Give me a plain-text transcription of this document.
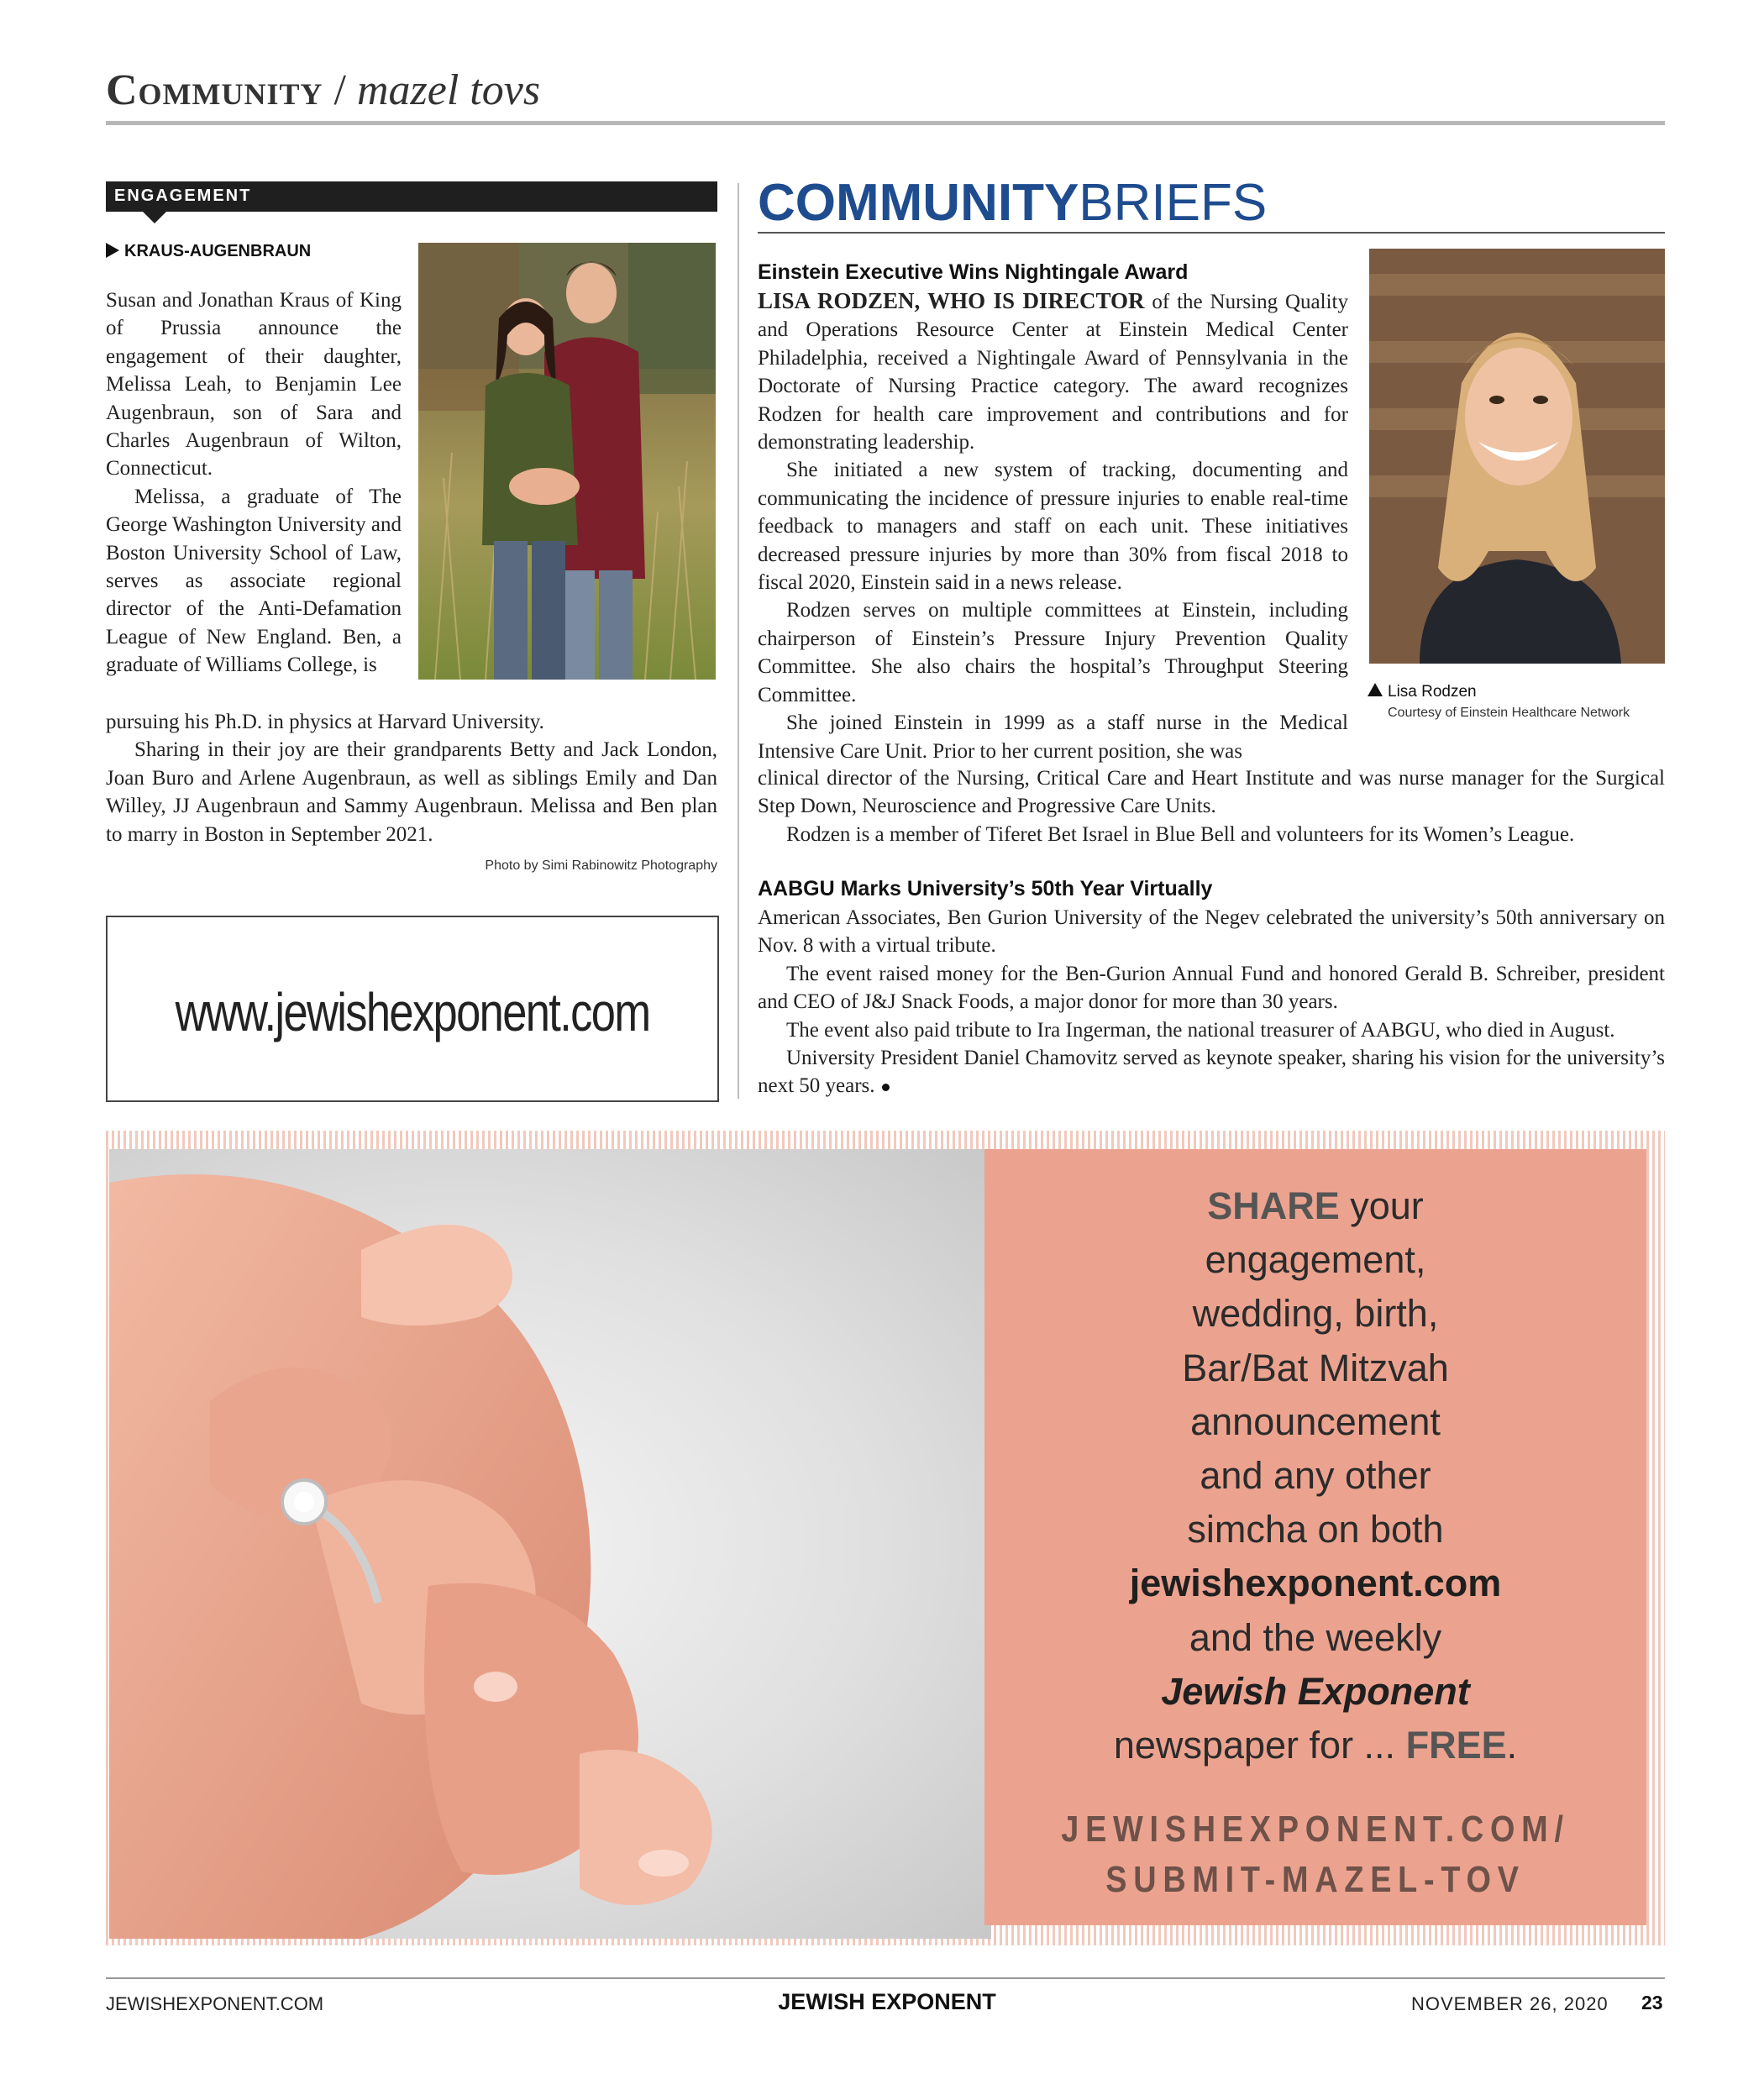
Community / mazel tovs
ENGAGEMENT
KRAUS-AUGENBRAUN

Susan and Jonathan Kraus of King of Prussia announce the engagement of their daughter, Melissa Leah, to Benjamin Lee Augenbraun, son of Sara and Charles Augenbraun of Wilton, Connecticut.

Melissa, a graduate of The George Washington University and Boston University School of Law, serves as associate regional director of the Anti-Defamation League of New England. Ben, a graduate of Williams College, is

pursuing his Ph.D. in physics at Harvard University.

Sharing in their joy are their grandparents Betty and Jack London, Joan Buro and Arlene Augenbraun, as well as siblings Emily and Dan Willey, JJ Augenbraun and Sammy Augenbraun. Melissa and Ben plan to marry in Boston in September 2021.

Photo by Simi Rabinowitz Photography
www.jewishexponent.com
COMMUNITYBRIEFS
Einstein Executive Wins Nightingale Award

LISA RODZEN, WHO IS DIRECTOR of the Nursing Quality and Operations Resource Center at Einstein Medical Center Philadelphia, received a Nightingale Award of Pennsylvania in the Doctorate of Nursing Practice category. The award recognizes Rodzen for health care improvement and contributions and for demonstrating leadership.

She initiated a new system of tracking, documenting and communicating the incidence of pressure injuries to enable real-time feedback to managers and staff on each unit. These initiatives decreased pressure injuries by more than 30% from fiscal 2018 to fiscal 2020, Einstein said in a news release.

Rodzen serves on multiple committees at Einstein, including chairperson of Einstein’s Pressure Injury Prevention Quality Committee. She also chairs the hospital’s Throughput Steering Committee.

She joined Einstein in 1999 as a staff nurse in the Medical Intensive Care Unit. Prior to her current position, she was

clinical director of the Nursing, Critical Care and Heart Institute and was nurse manager for the Surgical Step Down, Neuroscience and Progressive Care Units.

Rodzen is a member of Tiferet Bet Israel in Blue Bell and volunteers for its Women’s League.

Lisa Rodzen
Courtesy of Einstein Healthcare Network
AABGU Marks University’s 50th Year Virtually

American Associates, Ben Gurion University of the Negev celebrated the university’s 50th anniversary on Nov. 8 with a virtual tribute.

The event raised money for the Ben-Gurion Annual Fund and honored Gerald B. Schreiber, president and CEO of J&J Snack Foods, a major donor for more than 30 years.

The event also paid tribute to Ira Ingerman, the national treasurer of AABGU, who died in August.

University President Daniel Chamovitz served as keynote speaker, sharing his vision for the university’s next 50 years.

SHARE your
engagement,
wedding, birth,
Bar/Bat Mitzvah
announcement
and any other
simcha on both
jewishexponent.com
and the weekly
Jewish Exponent
newspaper for ... FREE.
JEWISHEXPONENT.COM/
SUBMIT-MAZEL-TOV
JEWISHEXPONENT.COM	JEWISH EXPONENT	NOVEMBER 26, 2020 23
